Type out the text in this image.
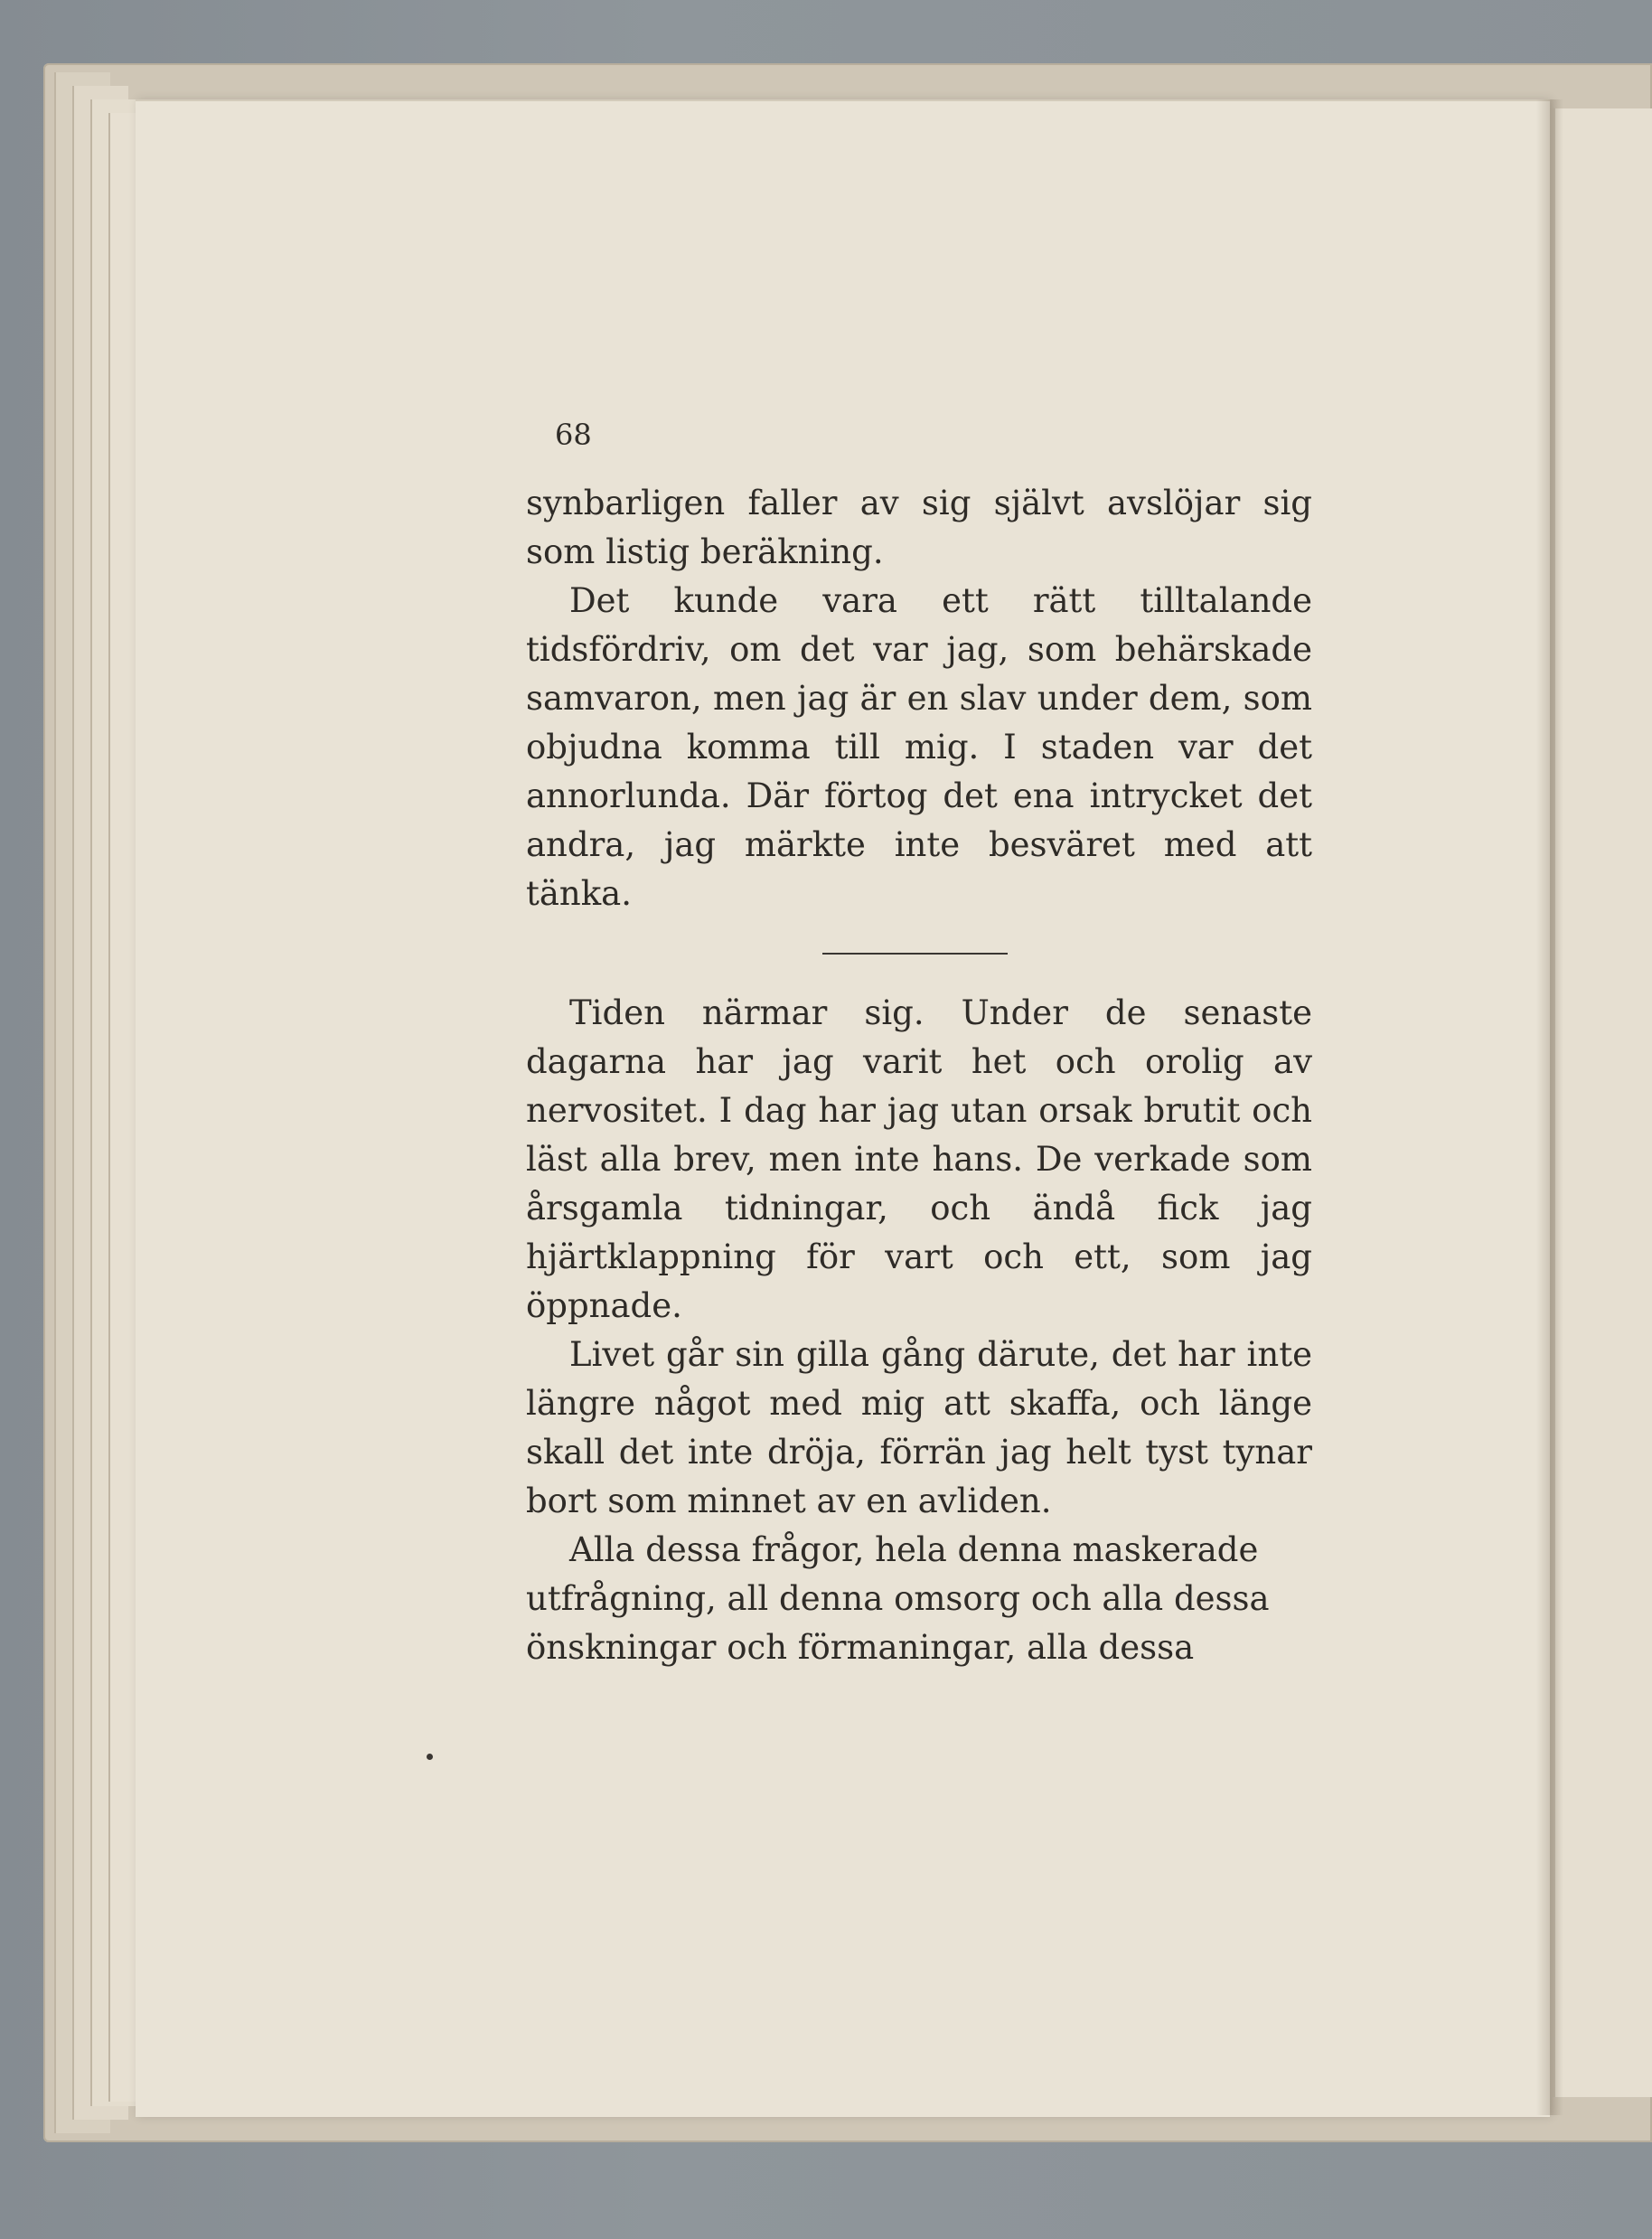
68

synbarligen faller av sig självt avslöjar sig som listig beräkning.

Det kunde vara ett rätt tilltalande tidsfördriv, om det var jag, som behärskade samvaron, men jag är en slav under dem, som objudna komma till mig. I staden var det annorlunda. Där förtog det ena intrycket det andra, jag märkte inte besväret med att tänka.

Tiden närmar sig. Under de senaste dagarna har jag varit het och orolig av nervositet. I dag har jag utan orsak brutit och läst alla brev, men inte hans. De verkade som årsgamla tidningar, och ändå fick jag hjärtklappning för vart och ett, som jag öppnade.

Livet går sin gilla gång därute, det har inte längre något med mig att skaffa, och länge skall det inte dröja, förrän jag helt tyst tynar bort som minnet av en avliden.

Alla dessa frågor, hela denna maskerade utfrågning, all denna omsorg och alla dessa önskningar och förmaningar, alla dessa
